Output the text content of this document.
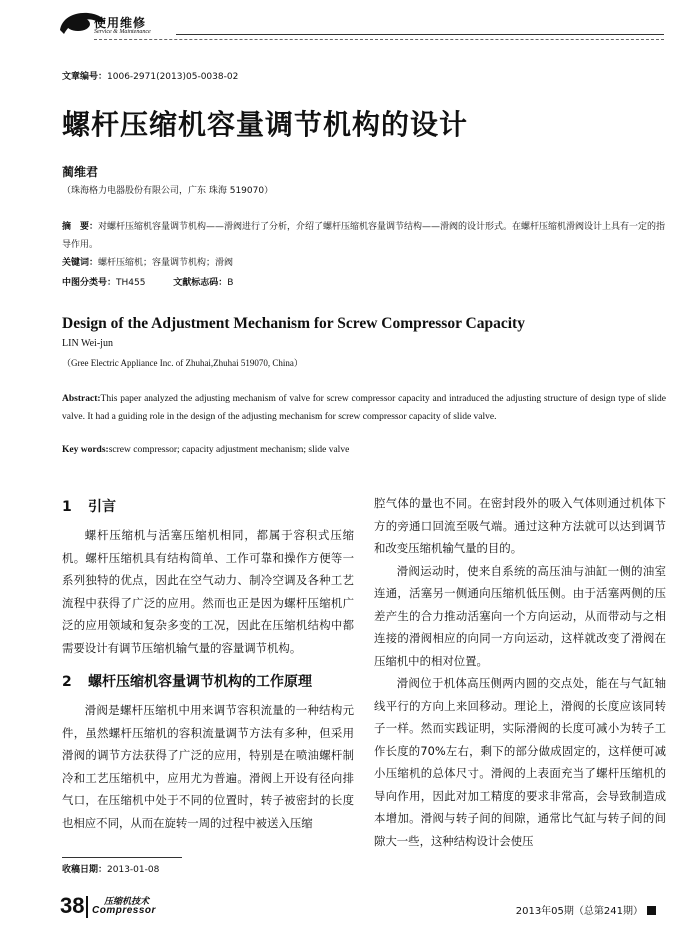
使用维修
Service & Maintenance
文章编号：1006-2971(2013)05-0038-02
螺杆压缩机容量调节机构的设计
蔺维君
（珠海格力电器股份有限公司，广东 珠海 519070）
摘　要：对螺杆压缩机容量调节机构——滑阀进行了分析，介绍了螺杆压缩机容量调节结构——滑阀的设计形式。在螺杆压缩机滑阀设计上具有一定的指导作用。
关键词：螺杆压缩机；容量调节机构；滑阀
中图分类号：TH455	文献标志码：B
Design of the Adjustment Mechanism for Screw Compressor Capacity
LIN Wei-jun
（Gree Electric Appliance Inc. of Zhuhai,Zhuhai 519070, China）
Abstract:This paper analyzed the adjusting mechanism of valve for screw compressor capacity and intraduced the adjusting structure of design type of slide valve. It had a guiding role in the design of the adjusting mechanism for screw compressor capacity of slide valve.
Key words:screw compressor; capacity adjustment mechanism; slide valve
1 引言

螺杆压缩机与活塞压缩机相同，都属于容积式压缩机。螺杆压缩机具有结构简单、工作可靠和操作方便等一系列独特的优点，因此在空气动力、制冷空调及各种工艺流程中获得了广泛的应用。然而也正是因为螺杆压缩机广泛的应用领域和复杂多变的工况，因此在压缩机结构中都需要设计有调节压缩机输气量的容量调节机构。

2 螺杆压缩机容量调节机构的工作原理

滑阀是螺杆压缩机中用来调节容积流量的一种结构元件，虽然螺杆压缩机的容积流量调节方法有多种，但采用滑阀的调节方法获得了广泛的应用，特别是在喷油螺杆制冷和工艺压缩机中，应用尤为普遍。滑阀上开设有径向排气口，在压缩机中处于不同的位置时，转子被密封的长度也相应不同，从而在旋转一周的过程中被送入压缩

腔气体的量也不同。在密封段外的吸入气体则通过机体下方的旁通口回流至吸气端。通过这种方法就可以达到调节和改变压缩机输气量的目的。

滑阀运动时，使来自系统的高压油与油缸一侧的油室连通，活塞另一侧通向压缩机低压侧。由于活塞两侧的压差产生的合力推动活塞向一个方向运动，从而带动与之相连接的滑阀相应的向同一方向运动，这样就改变了滑阀在压缩机中的相对位置。

滑阀位于机体高压侧两内圆的交点处，能在与气缸轴线平行的方向上来回移动。理论上，滑阀的长度应该同转子一样。然而实践证明，实际滑阀的长度可减小为转子工作长度的70%左右，剩下的部分做成固定的，这样便可减小压缩机的总体尺寸。滑阀的上表面充当了螺杆压缩机的导向作用，因此对加工精度的要求非常高，会导致制造成本增加。滑阀与转子间的间隙，通常比气缸与转子间的间隙大一些，这种结构设计会使压

收稿日期：2013-01-08
38 压缩机技术
Compressor	2013年05期（总第241期）
